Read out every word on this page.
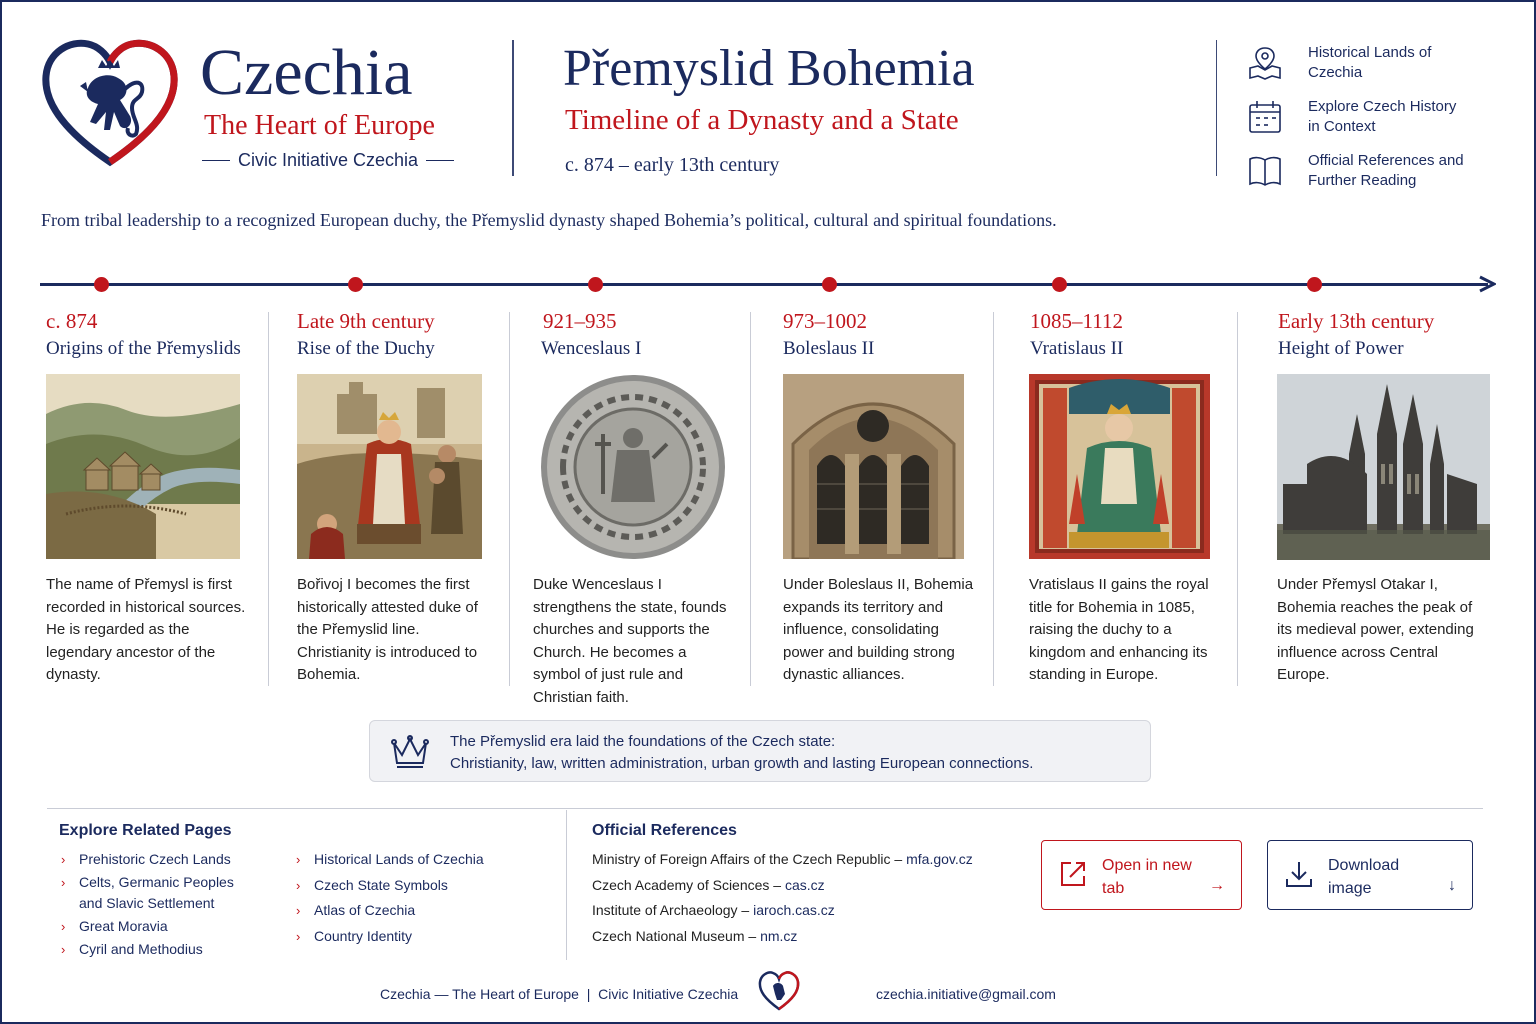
Czechia
The Heart of Europe
Civic Initiative Czechia
Přemyslid Bohemia
Timeline of a Dynasty and a State
c. 874 – early 13th century
Historical Lands of Czechia
Explore Czech History in Context
Official References and Further Reading
From tribal leadership to a recognized European duchy, the Přemyslid dynasty shaped Bohemia’s political, cultural and spiritual foundations.
c. 874
Origins of the Přemyslids
The name of Přemysl is first recorded in historical sources. He is regarded as the legendary ancestor of the dynasty.
Late 9th century
Rise of the Duchy
Bořivoj I becomes the first historically attested duke of the Přemyslid line. Christianity is introduced to Bohemia.
921–935
Wenceslaus I
Duke Wenceslaus I strengthens the state, founds churches and supports the Church. He becomes a symbol of just rule and Christian faith.
973–1002
Boleslaus II
Under Boleslaus II, Bohemia expands its territory and influence, consolidating power and building strong dynastic alliances.
1085–1112
Vratislaus II
Vratislaus II gains the royal title for Bohemia in 1085, raising the duchy to a kingdom and enhancing its standing in Europe.
Early 13th century
Height of Power
Under Přemysl Otakar I, Bohemia reaches the peak of its medieval power, extending influence across Central Europe.
The Přemyslid era laid the foundations of the Czech state:
Christianity, law, written administration, urban growth and lasting European connections.
Explore Related Pages
› Prehistoric Czech Lands
› Celts, Germanic Peoples and Slavic Settlement
› Great Moravia
› Cyril and Methodius
› Historical Lands of Czechia
› Czech State Symbols
› Atlas of Czechia
› Country Identity
Official References
Ministry of Foreign Affairs of the Czech Republic – mfa.gov.cz
Czech Academy of Sciences – cas.cz
Institute of Archaeology – iaroch.cas.cz
Czech National Museum – nm.cz
Open in new tab	→
Download image	↓
Czechia — The Heart of Europe  |  Civic Initiative Czechia	czechia.initiative@gmail.com
